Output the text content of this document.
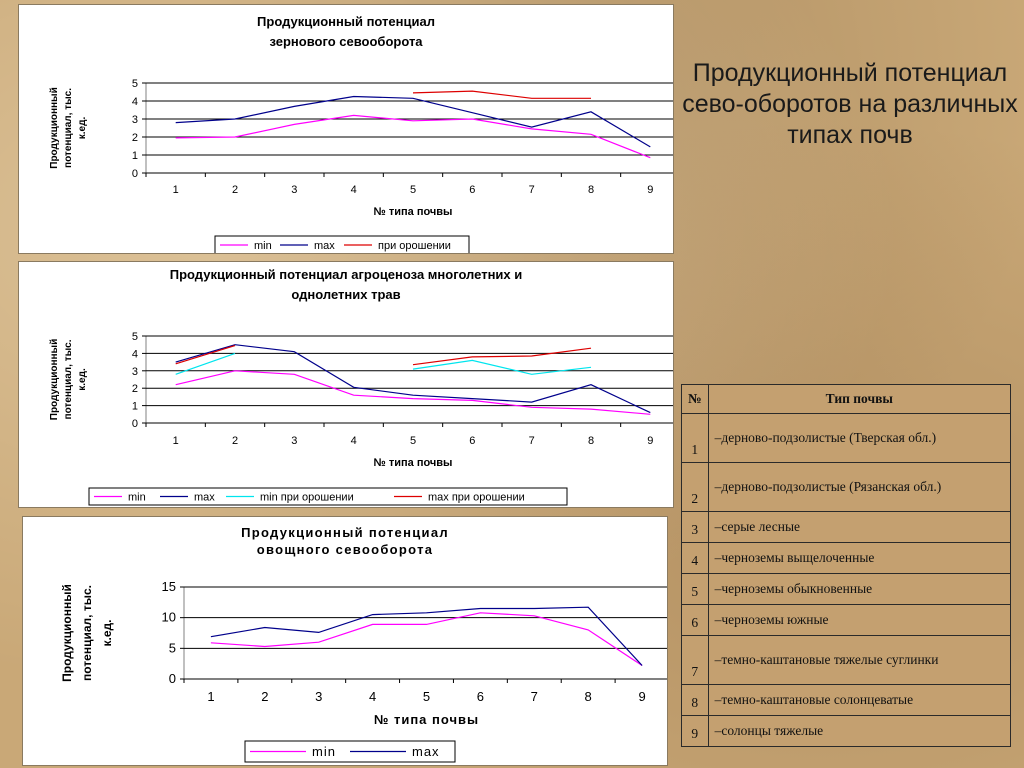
Продукционный потенциал зернового севооборота
0
1
2
3
4
5
1	2	3	4	5	6	7	8	9
№ типа почвы
Продукционный потенциал, тыс. к.ед.
min	max	при орошении
Продукционный потенциал агроценоза многолетних и однолетних трав
0
1
2
3
4
5
1	2	3	4	5	6	7	8	9
№ типа почвы
Продукционный потенциал, тыс. к.ед.
min	max	min при орошении	max при орошении
Продукционный потенциал овощного севооборота
0
5
10
15
1	2	3	4	5	6	7	8	9
№ типа почвы
Продукционный потенциал, тыс. к.ед.
min	max
Продукционный потенциал сево-оборотов на различных типах почв
№	Тип почвы
1	–дерново-подзолистые (Тверская обл.)
2	–дерново-подзолистые (Рязанская обл.)
3	–серые лесные
4	–черноземы выщелоченные
5	–черноземы обыкновенные
6	–черноземы южные
7	–темно-каштановые тяжелые суглинки
8	–темно-каштановые солонцеватые
9	–солонцы тяжелые
